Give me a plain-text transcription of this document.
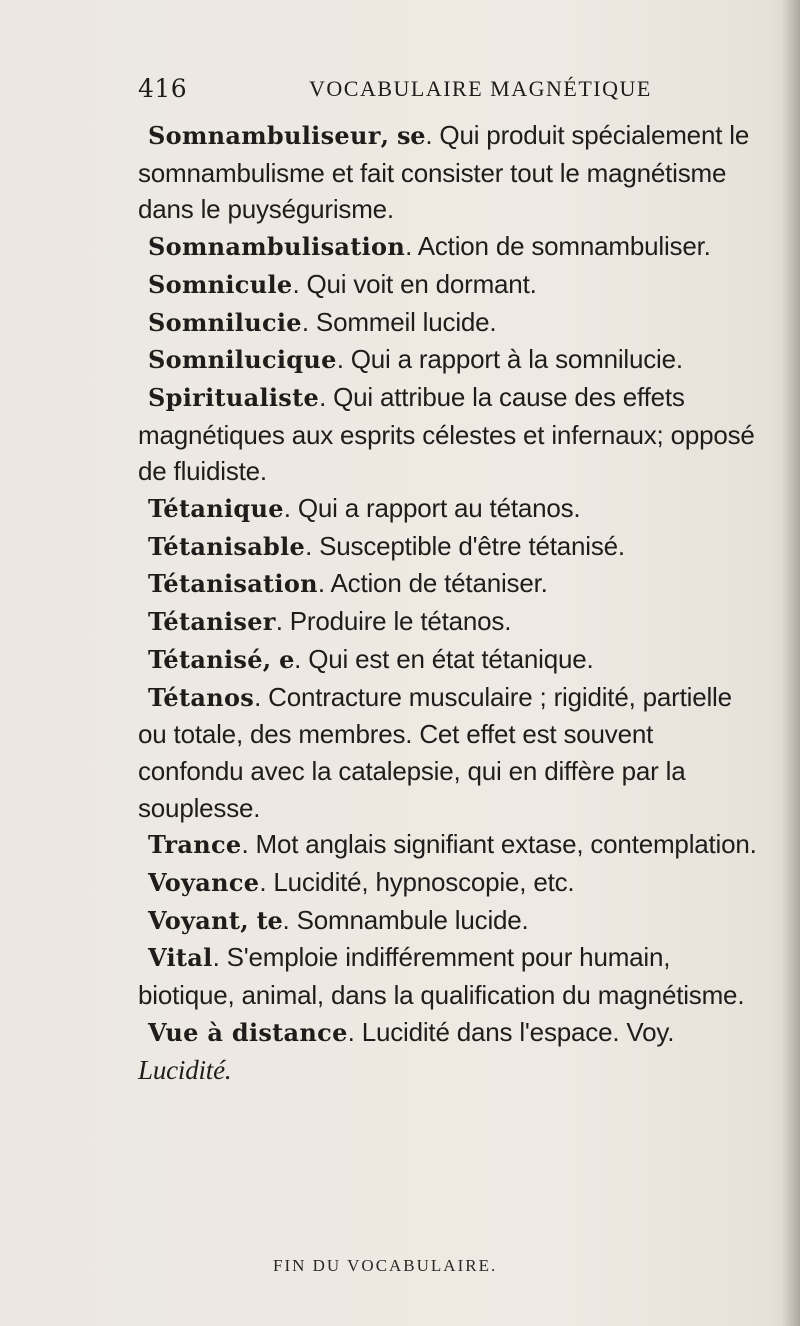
416	VOCABULAIRE MAGNÉTIQUE

Somnambuliseur, se. Qui produit spécialement le somnambulisme et fait consister tout le magnétisme dans le puységurisme.

Somnambulisation. Action de somnambuliser.

Somnicule. Qui voit en dormant.

Somnilucie. Sommeil lucide.

Somnilucique. Qui a rapport à la somnilucie.

Spiritualiste. Qui attribue la cause des effets magnétiques aux esprits célestes et infernaux; opposé de fluidiste.

Tétanique. Qui a rapport au tétanos.

Tétanisable. Susceptible d'être tétanisé.

Tétanisation. Action de tétaniser.

Tétaniser. Produire le tétanos.

Tétanisé, e. Qui est en état tétanique.

Tétanos. Contracture musculaire ; rigidité, partielle ou totale, des membres. Cet effet est souvent confondu avec la catalepsie, qui en diffère par la souplesse.

Trance. Mot anglais signifiant extase, contemplation.

Voyance. Lucidité, hypnoscopie, etc.

Voyant, te. Somnambule lucide.

Vital. S'emploie indifféremment pour humain, biotique, animal, dans la qualification du magnétisme.

Vue à distance. Lucidité dans l'espace. Voy. Lucidité.

FIN DU VOCABULAIRE.
